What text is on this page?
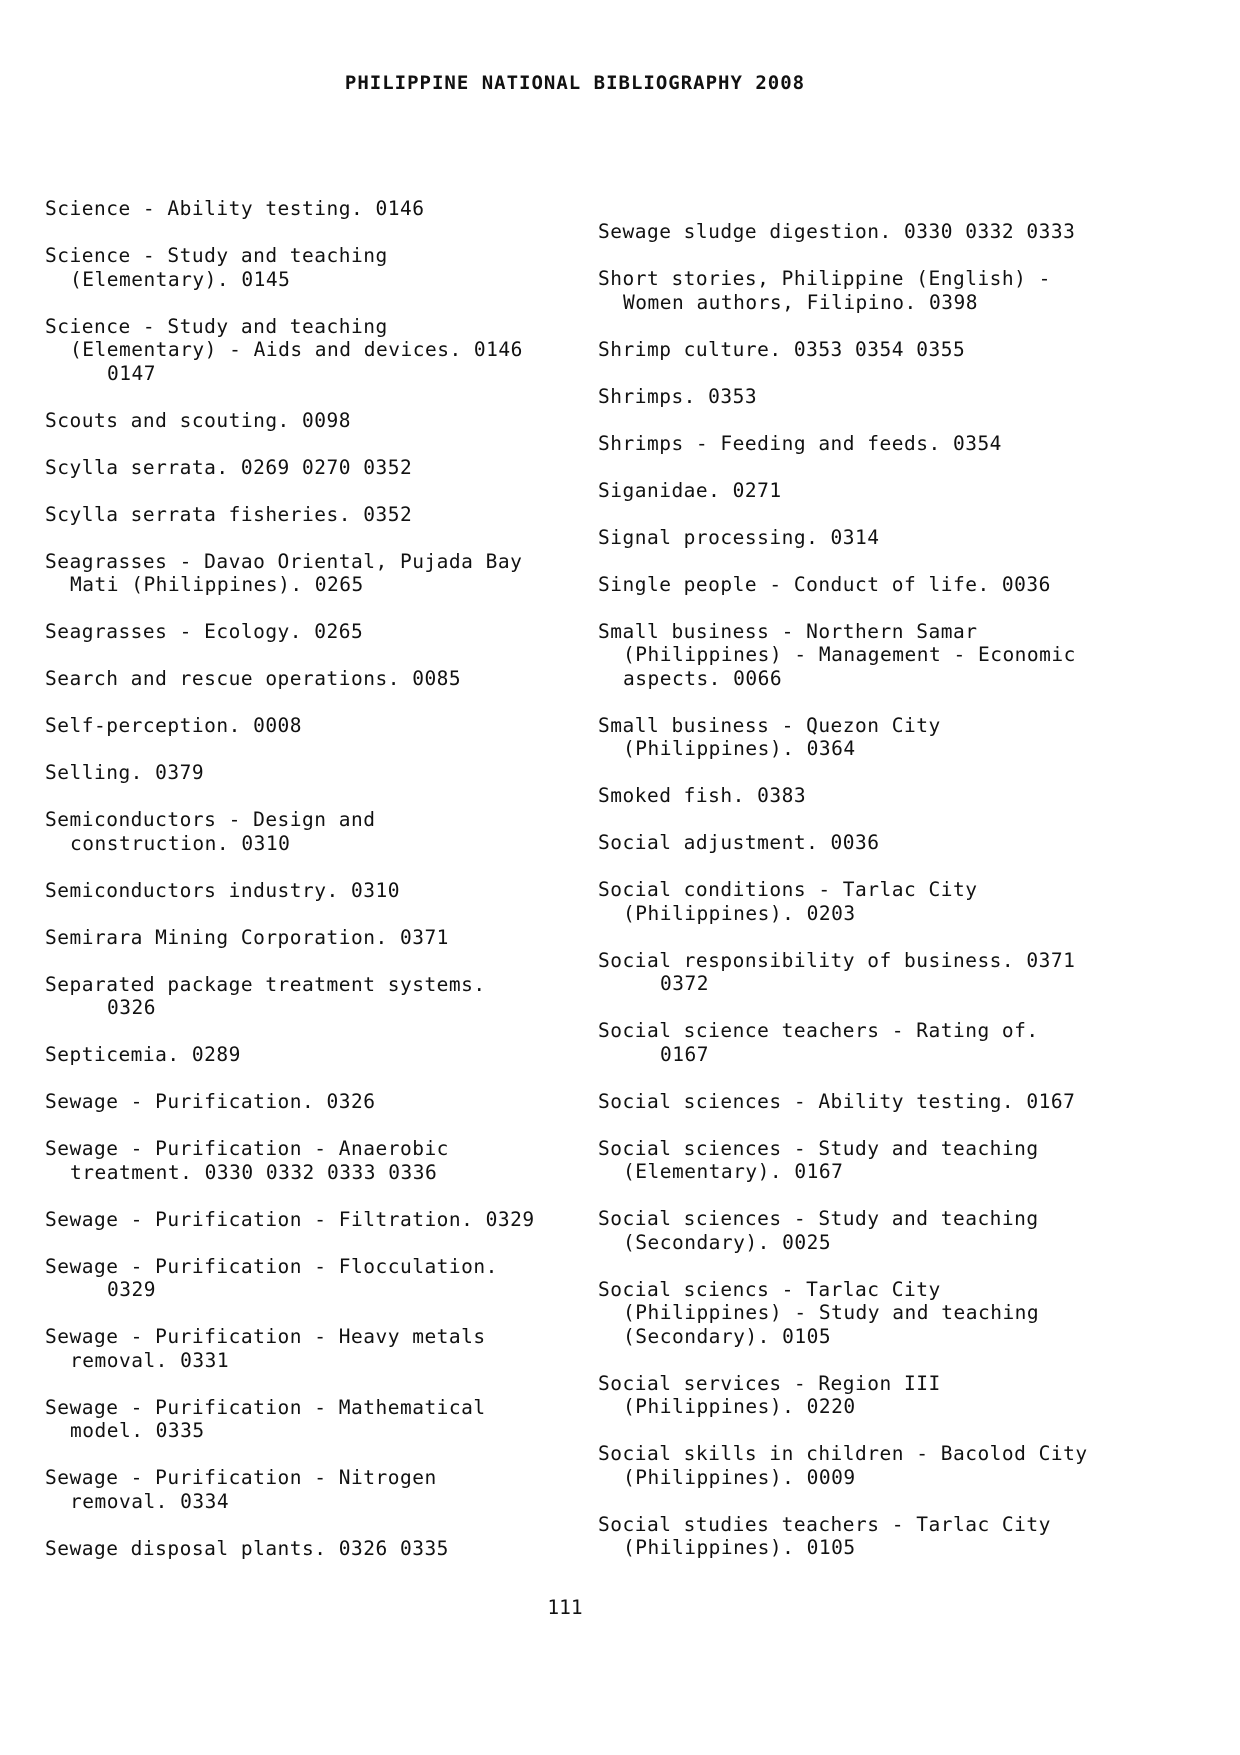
PHILIPPINE NATIONAL BIBLIOGRAPHY 2008
Science - Ability testing. 0146
Science - Study and teaching
(Elementary). 0145
Science - Study and teaching
(Elementary) - Aids and devices. 0146
0147
Scouts and scouting. 0098
Scylla serrata. 0269 0270 0352
Scylla serrata fisheries. 0352
Seagrasses - Davao Oriental, Pujada Bay
Mati (Philippines). 0265
Seagrasses - Ecology. 0265
Search and rescue operations. 0085
Self-perception. 0008
Selling. 0379
Semiconductors - Design and
construction. 0310
Semiconductors industry. 0310
Semirara Mining Corporation. 0371
Separated package treatment systems.
0326
Septicemia. 0289
Sewage - Purification. 0326
Sewage - Purification - Anaerobic
treatment. 0330 0332 0333 0336
Sewage - Purification - Filtration. 0329
Sewage - Purification - Flocculation.
0329
Sewage - Purification - Heavy metals
removal. 0331
Sewage - Purification - Mathematical
model. 0335
Sewage - Purification - Nitrogen
removal. 0334
Sewage disposal plants. 0326 0335
Sewage sludge digestion. 0330 0332 0333
Short stories, Philippine (English) -
Women authors, Filipino. 0398
Shrimp culture. 0353 0354 0355
Shrimps. 0353
Shrimps - Feeding and feeds. 0354
Siganidae. 0271
Signal processing. 0314
Single people - Conduct of life. 0036
Small business - Northern Samar
(Philippines) - Management - Economic
aspects. 0066
Small business - Quezon City
(Philippines). 0364
Smoked fish. 0383
Social adjustment. 0036
Social conditions - Tarlac City
(Philippines). 0203
Social responsibility of business. 0371
0372
Social science teachers - Rating of.
0167
Social sciences - Ability testing. 0167
Social sciences - Study and teaching
(Elementary). 0167
Social sciences - Study and teaching
(Secondary). 0025
Social sciencs - Tarlac City
(Philippines) - Study and teaching
(Secondary). 0105
Social services - Region III
(Philippines). 0220
Social skills in children - Bacolod City
(Philippines). 0009
Social studies teachers - Tarlac City
(Philippines). 0105
111
